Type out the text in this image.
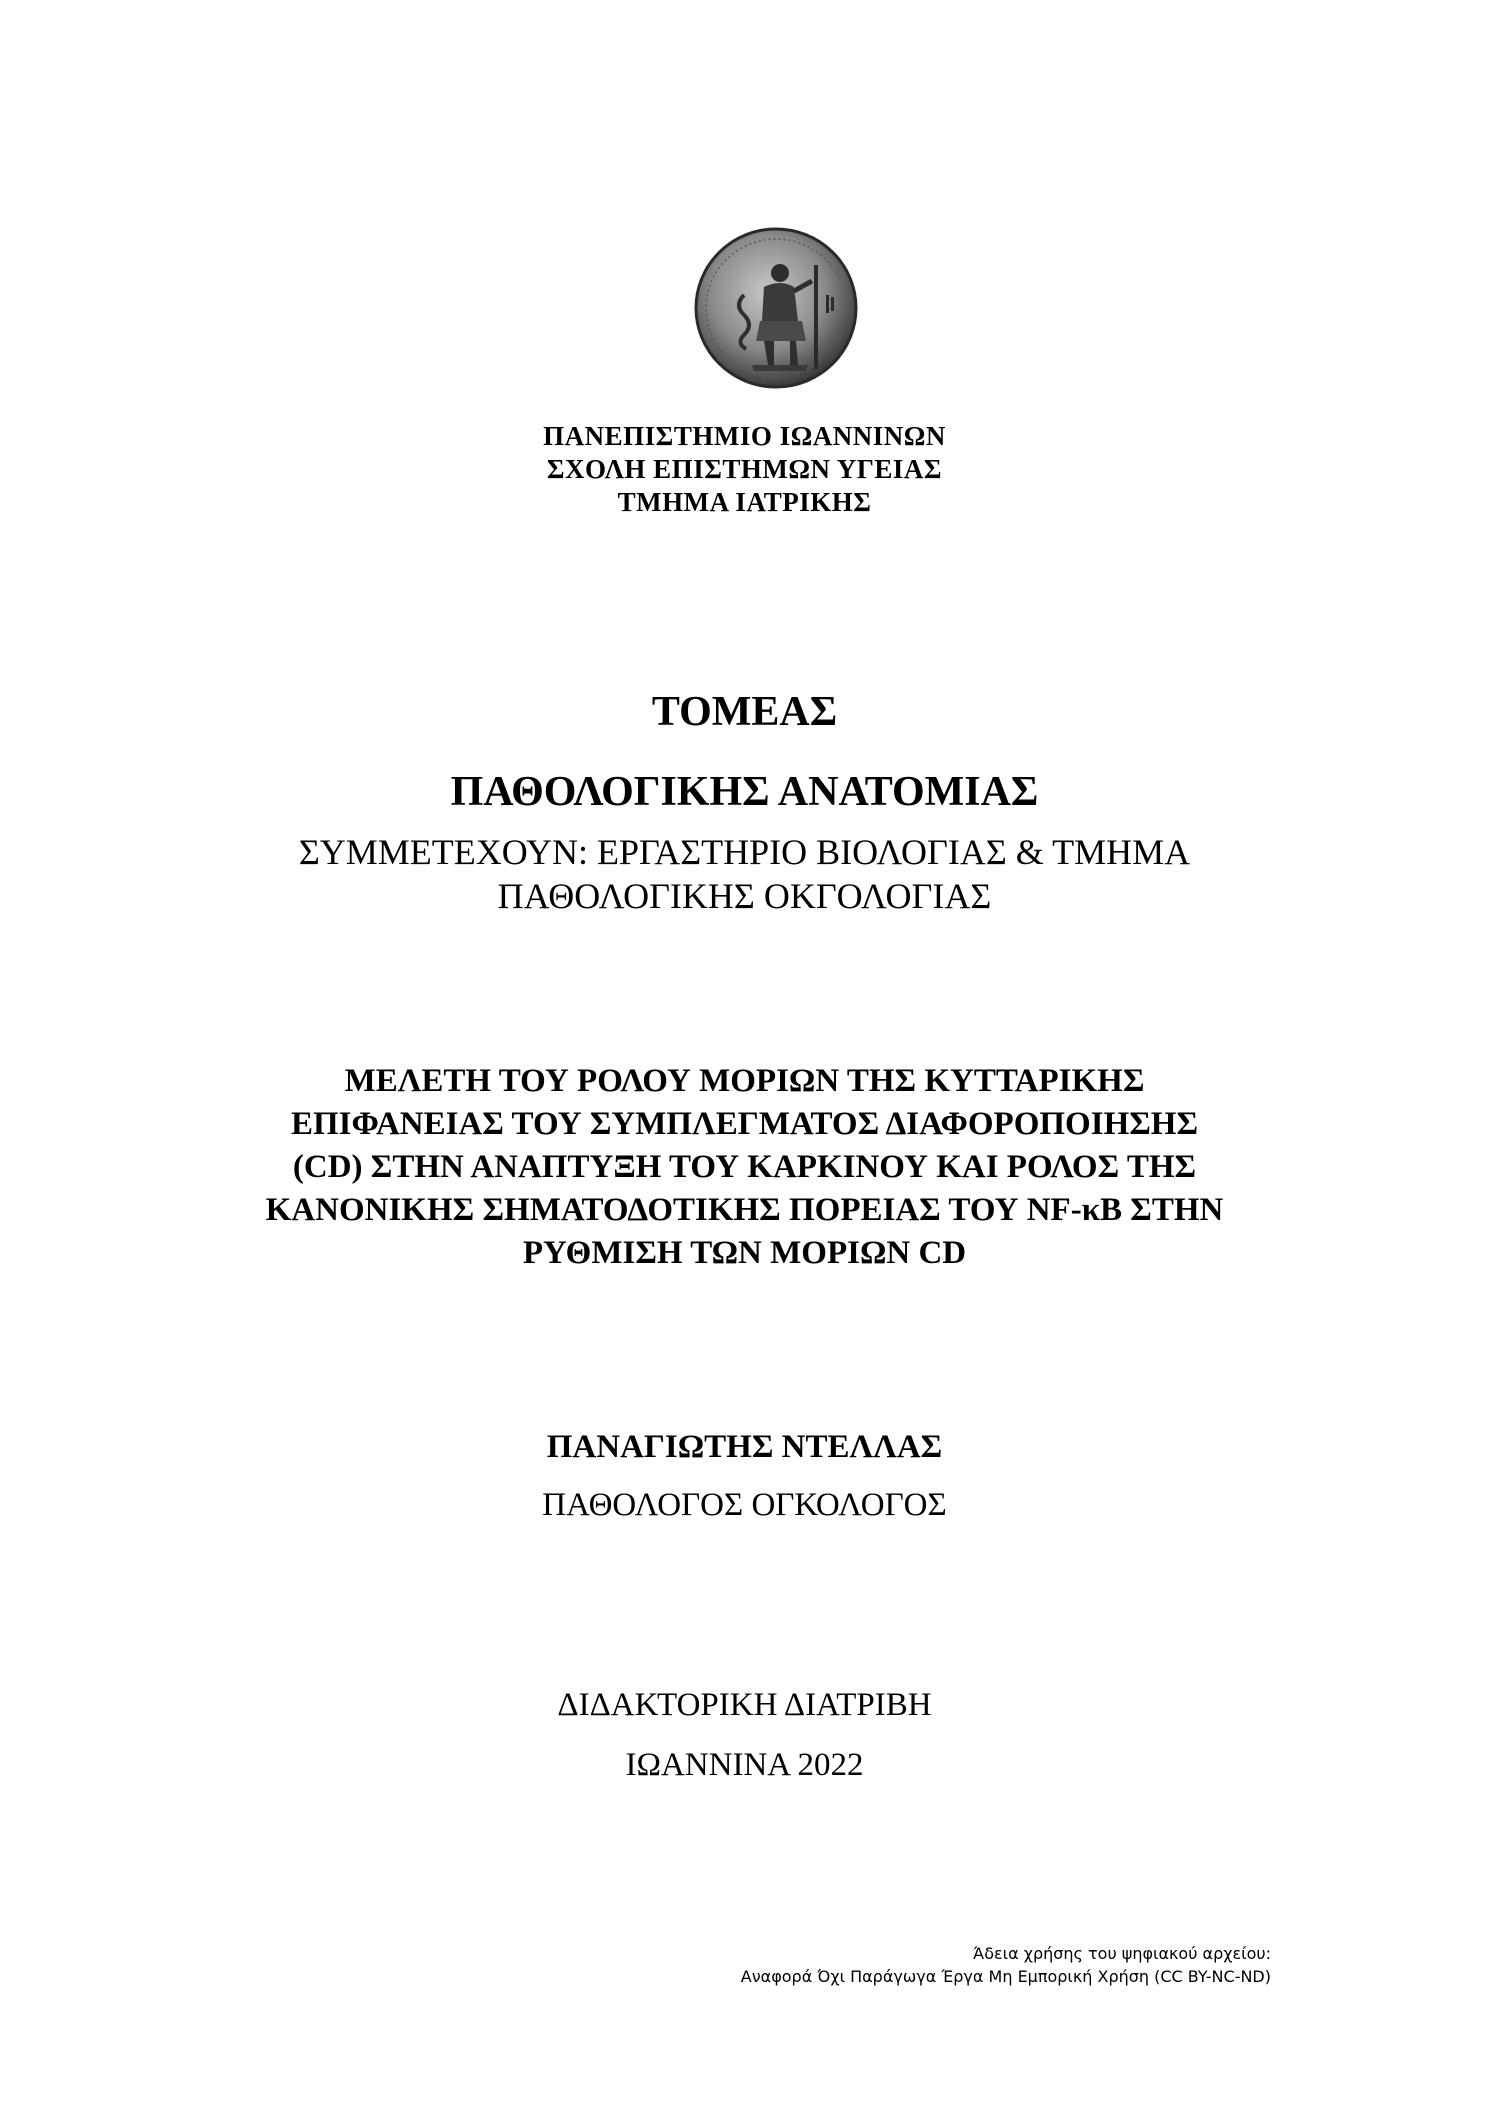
ΠΑΝΕΠΙΣΤΗΜΙΟ ΙΩΑΝΝΙΝΩΝ
ΣΧΟΛΗ ΕΠΙΣΤΗΜΩΝ ΥΓΕΙΑΣ
ΤΜΗΜΑ ΙΑΤΡΙΚΗΣ
ΤΟΜΕΑΣ
ΠΑΘΟΛΟΓΙΚΗΣ ΑΝΑΤΟΜΙΑΣ
ΣΥΜΜΕΤΕΧΟΥΝ: ΕΡΓΑΣΤΗΡΙΟ ΒΙΟΛΟΓΙΑΣ & ΤΜΗΜΑ
ΠΑΘΟΛΟΓΙΚΗΣ ΟΚΓΟΛΟΓΙΑΣ
ΜΕΛΕΤΗ ΤΟΥ ΡΟΛΟΥ ΜΟΡΙΩΝ ΤΗΣ ΚΥΤΤΑΡΙΚΗΣ
ΕΠΙΦΑΝΕΙΑΣ ΤΟΥ ΣΥΜΠΛΕΓΜΑΤΟΣ ΔΙΑΦΟΡΟΠΟΙΗΣΗΣ
(CD) ΣΤΗΝ ΑΝΑΠΤΥΞΗ ΤΟΥ ΚΑΡΚΙΝΟΥ ΚΑΙ ΡΟΛΟΣ ΤΗΣ
ΚΑΝΟΝΙΚΗΣ ΣΗΜΑΤΟΔΟΤΙΚΗΣ ΠΟΡΕΙΑΣ ΤΟΥ NF-κB ΣΤΗΝ
ΡΥΘΜΙΣΗ ΤΩΝ ΜΟΡΙΩΝ CD
ΠΑΝΑΓΙΩΤΗΣ ΝΤΕΛΛΑΣ
ΠΑΘΟΛΟΓΟΣ ΟΓΚΟΛΟΓΟΣ
ΔΙΔΑΚΤΟΡΙΚΗ ΔΙΑΤΡΙΒΗ
ΙΩΑΝΝΙΝΑ 2022
Άδεια χρήσης του ψηφιακού αρχείου:
Αναφορά Όχι Παράγωγα Έργα Μη Εμπορική Χρήση (CC BY-NC-ND)
